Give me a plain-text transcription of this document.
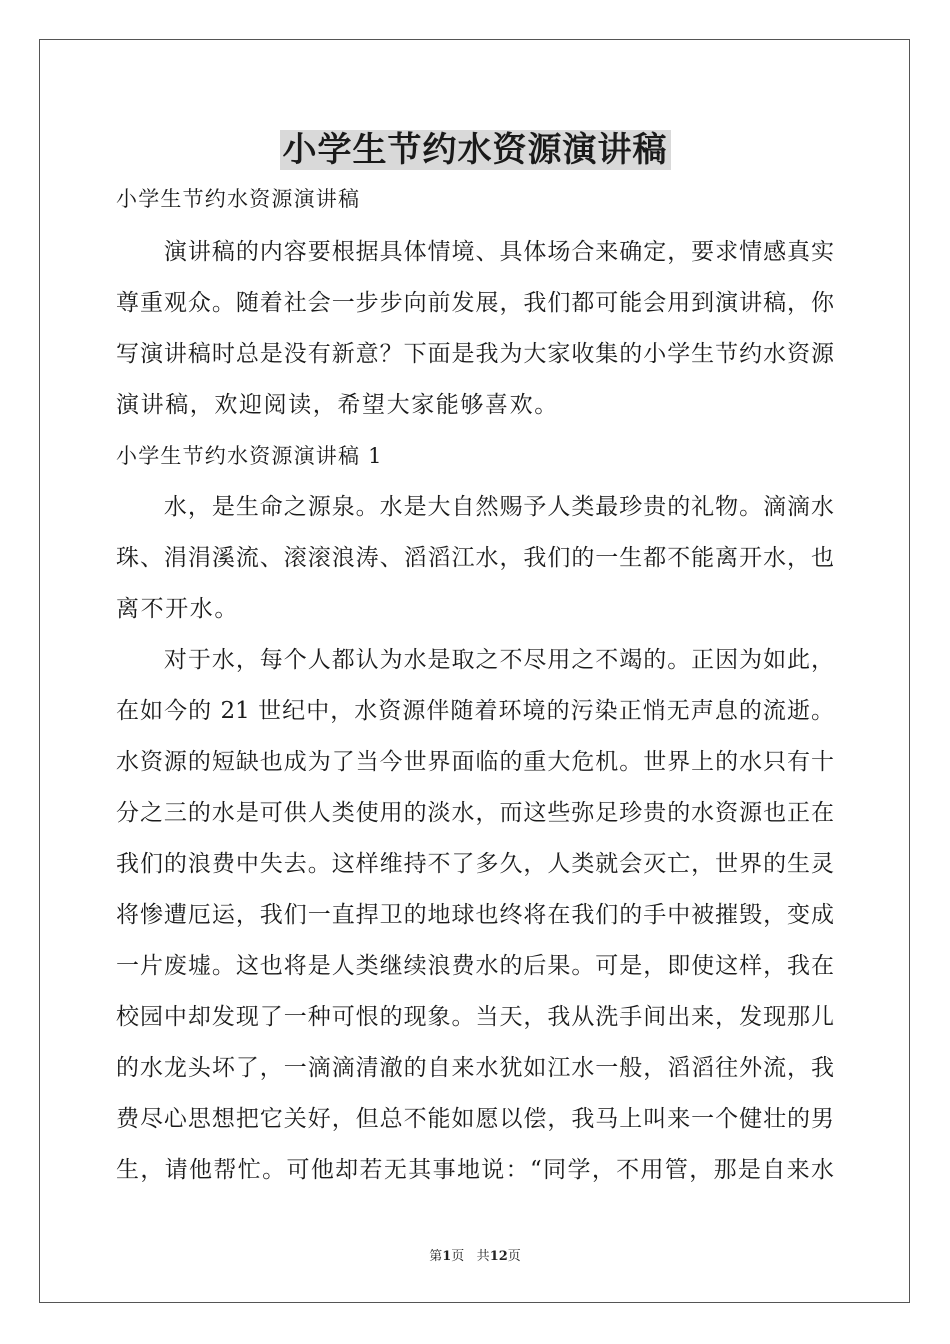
小学生节约水资源演讲稿
小学生节约水资源演讲稿
　　演讲稿的内容要根据具体情境、具体场合来确定，要求情感真实
尊重观众。随着社会一步步向前发展，我们都可能会用到演讲稿，你
写演讲稿时总是没有新意？下面是我为大家收集的小学生节约水资源
演讲稿，欢迎阅读，希望大家能够喜欢。
小学生节约水资源演讲稿 1
　　水，是生命之源泉。水是大自然赐予人类最珍贵的礼物。滴滴水
珠、涓涓溪流、滚滚浪涛、滔滔江水，我们的一生都不能离开水，也
离不开水。
　　对于水，每个人都认为水是取之不尽用之不竭的。正因为如此，
在如今的 21 世纪中，水资源伴随着环境的污染正悄无声息的流逝。
水资源的短缺也成为了当今世界面临的重大危机。世界上的水只有十
分之三的水是可供人类使用的淡水，而这些弥足珍贵的水资源也正在
我们的浪费中失去。这样维持不了多久，人类就会灭亡，世界的生灵
将惨遭厄运，我们一直捍卫的地球也终将在我们的手中被摧毁，变成
一片废墟。这也将是人类继续浪费水的后果。可是，即使这样，我在
校园中却发现了一种可恨的现象。当天，我从洗手间出来，发现那儿
的水龙头坏了，一滴滴清澈的自来水犹如江水一般，滔滔往外流，我
费尽心思想把它关好，但总不能如愿以偿，我马上叫来一个健壮的男
生，请他帮忙。可他却若无其事地说：“同学，不用管，那是自来水
第1页 共12页
